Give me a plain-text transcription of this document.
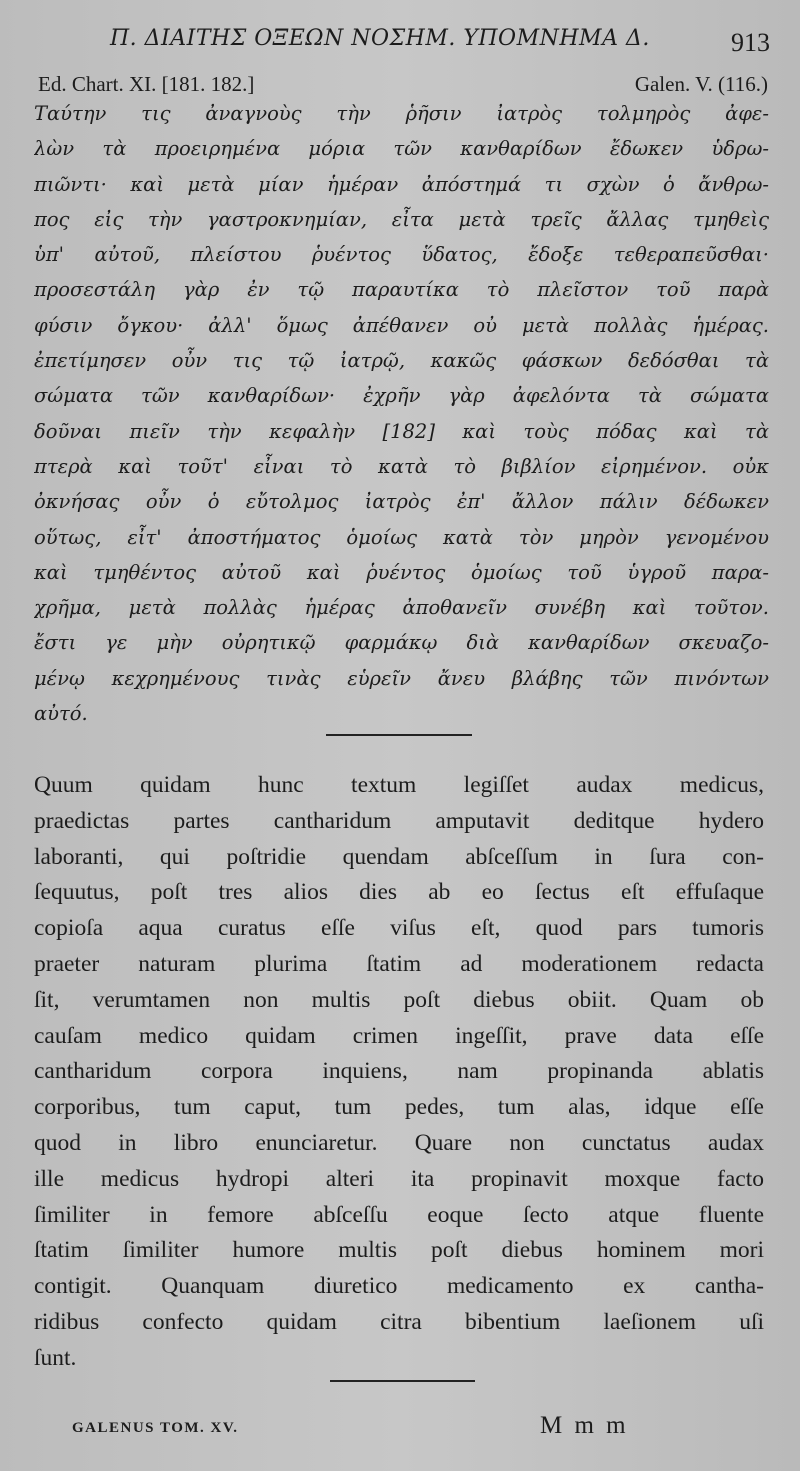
Π. ΔΙΑΙΤΗΣ ΟΞΕΩΝ ΝΟΣΗΜ. ΥΠΟΜΝΗΜΑ Δ.	913
Ed. Chart. XI. [181. 182.]	Galen. V. (116.)
Ταύτην τις ἀναγνοὺς τὴν ῥῆσιν ἰατρὸς τολμηρὸς ἀφε-
λὼν τὰ προειρημένα μόρια τῶν κανθαρίδων ἔδωκεν ὑδρω-
πιῶντι· καὶ μετὰ μίαν ἡμέραν ἀπόστημά τι σχὼν ὁ ἄνθρω-
πος εἰς τὴν γαστροκνημίαν, εἶτα μετὰ τρεῖς ἄλλας τμηθεὶς
ὑπ' αὐτοῦ, πλείστου ῥυέντος ὕδατος, ἔδοξε τεθεραπεῦσθαι·
προσεστάλη γὰρ ἐν τῷ παραυτίκα τὸ πλεῖστον τοῦ παρὰ
φύσιν ὄγκου· ἀλλ' ὅμως ἀπέθανεν οὐ μετὰ πολλὰς ἡμέρας.
ἐπετίμησεν οὖν τις τῷ ἰατρῷ, κακῶς φάσκων δεδόσθαι τὰ
σώματα τῶν κανθαρίδων· ἐχρῆν γὰρ ἀφελόντα τὰ σώματα
δοῦναι πιεῖν τὴν κεφαλὴν [182] καὶ τοὺς πόδας καὶ τὰ
πτερὰ καὶ τοῦτ' εἶναι τὸ κατὰ τὸ βιβλίον εἰρημένον. οὐκ
ὀκνήσας οὖν ὁ εὔτολμος ἰατρὸς ἐπ' ἄλλον πάλιν δέδωκεν
οὕτως, εἶτ' ἀποστήματος ὁμοίως κατὰ τὸν μηρὸν γενομένου
καὶ τμηθέντος αὐτοῦ καὶ ῥυέντος ὁμοίως τοῦ ὑγροῦ παρα-
χρῆμα, μετὰ πολλὰς ἡμέρας ἀποθανεῖν συνέβη καὶ τοῦτον.
ἔστι γε μὴν οὐρητικῷ φαρμάκῳ διὰ κανθαρίδων σκευαζο-
μένῳ κεχρημένους τινὰς εὑρεῖν ἄνευ βλάβης τῶν πινόντων
αὐτό.
Quum quidam hunc textum legiſſet audax medicus,
praedictas partes cantharidum amputavit deditque hydero
laboranti, qui poſtridie quendam abſceſſum in ſura con-
ſequutus, poſt tres alios dies ab eo ſectus eſt effuſaque
copioſa aqua curatus eſſe viſus eſt, quod pars tumoris
praeter naturam plurima ſtatim ad moderationem redacta
ſit, verumtamen non multis poſt diebus obiit. Quam ob
cauſam medico quidam crimen ingeſſit, prave data eſſe
cantharidum corpora inquiens, nam propinanda ablatis
corporibus, tum caput, tum pedes, tum alas, idque eſſe
quod in libro enunciaretur. Quare non cunctatus audax
ille medicus hydropi alteri ita propinavit moxque facto
ſimiliter in femore abſceſſu eoque ſecto atque fluente
ſtatim ſimiliter humore multis poſt diebus hominem mori
contigit. Quanquam diuretico medicamento ex cantha-
ridibus confecto quidam citra bibentium laeſionem uſi
ſunt.
GALENUS TOM. XV.	M m m
